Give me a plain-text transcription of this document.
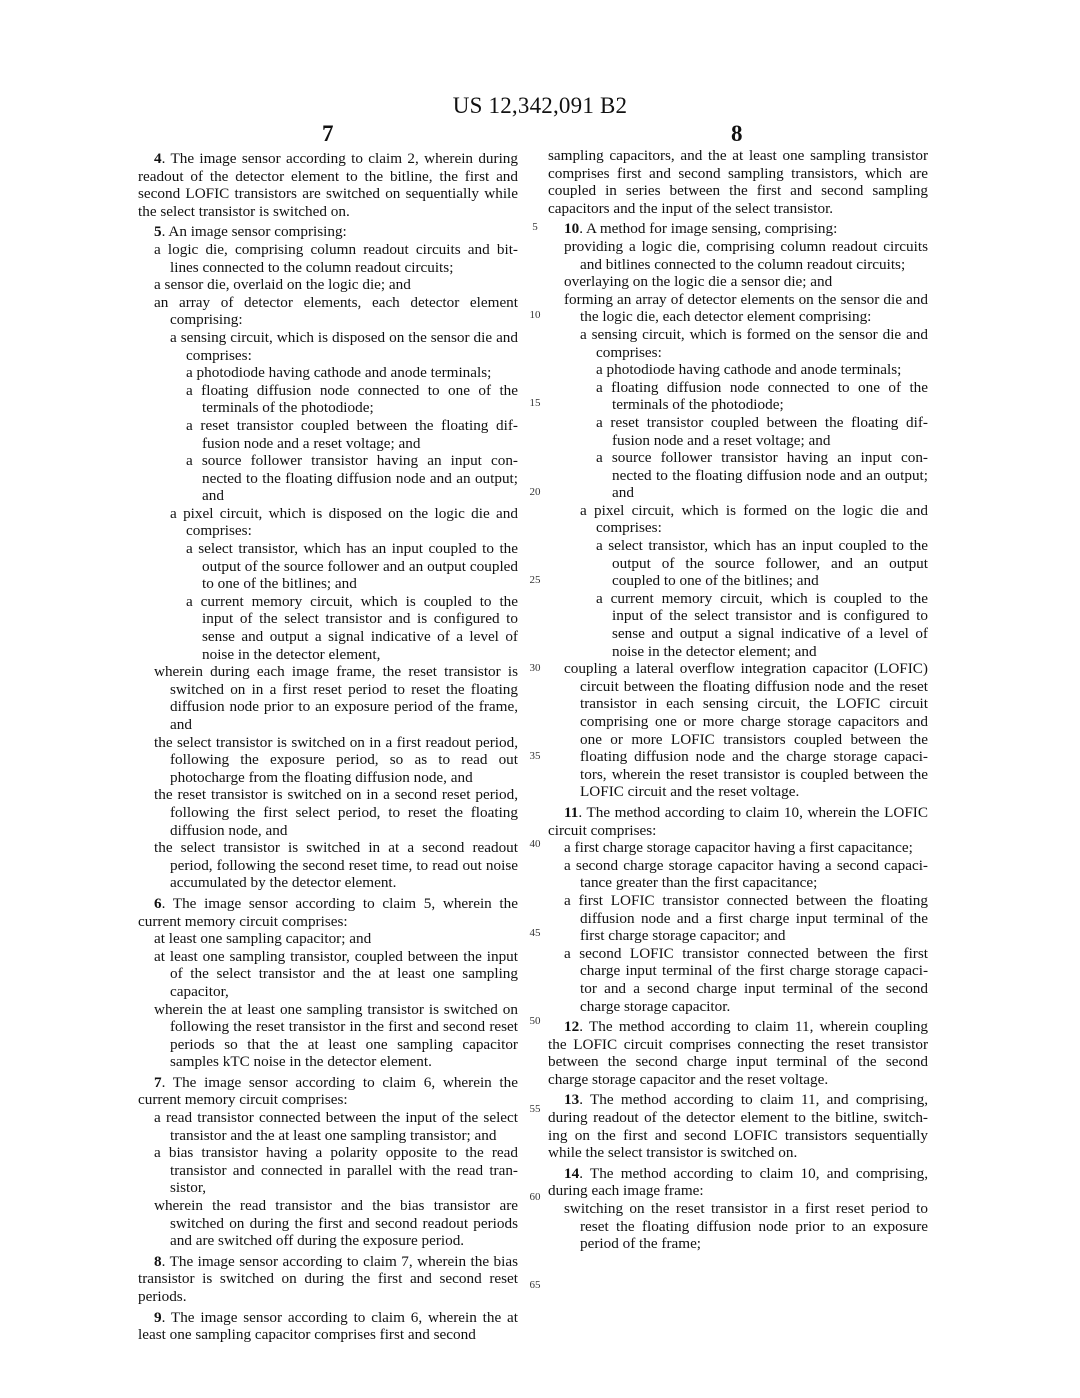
US 12,342,091 B2
7	8

4. The image sensor according to claim 2, wherein during readout of the detector element to the bitline, the first and second LOFIC transistors are switched on sequentially while the select transistor is switched on.

5. An image sensor comprising:

a logic die, comprising column readout circuits and bit-lines connected to the column readout circuits;

a sensor die, overlaid on the logic die; and

an array of detector elements, each detector element comprising:

a sensing circuit, which is disposed on the sensor die and comprises:

a photodiode having cathode and anode terminals;

a floating diffusion node connected to one of the terminals of the photodiode;

a reset transistor coupled between the floating dif-fusion node and a reset voltage; and

a source follower transistor having an input con-nected to the floating diffusion node and an output; and

a pixel circuit, which is disposed on the logic die and comprises:

a select transistor, which has an input coupled to the output of the source follower and an output coupled to one of the bitlines; and

a current memory circuit, which is coupled to the input of the select transistor and is configured to sense and output a signal indicative of a level of noise in the detector element,

wherein during each image frame, the reset transistor is switched on in a first reset period to reset the floating diffusion node prior to an exposure period of the frame, and

the select transistor is switched on in a first readout period, following the exposure period, so as to read out photocharge from the floating diffusion node, and

the reset transistor is switched on in a second reset period, following the first select period, to reset the floating diffusion node, and

the select transistor is switched in at a second readout period, following the second reset time, to read out noise accumulated by the detector element.

6. The image sensor according to claim 5, wherein the current memory circuit comprises:

at least one sampling capacitor; and

at least one sampling transistor, coupled between the input of the select transistor and the at least one sampling capacitor,

wherein the at least one sampling transistor is switched on following the reset transistor in the first and second reset periods so that the at least one sampling capacitor samples kTC noise in the detector element.

7. The image sensor according to claim 6, wherein the current memory circuit comprises:

a read transistor connected between the input of the select transistor and the at least one sampling transistor; and

a bias transistor having a polarity opposite to the read transistor and connected in parallel with the read tran-sistor,

wherein the read transistor and the bias transistor are switched on during the first and second readout periods and are switched off during the exposure period.

8. The image sensor according to claim 7, wherein the bias transistor is switched on during the first and second reset periods.

9. The image sensor according to claim 6, wherein the at least one sampling capacitor comprises first and second

sampling capacitors, and the at least one sampling transistor comprises first and second sampling transistors, which are coupled in series between the first and second sampling capacitors and the input of the select transistor.

10. A method for image sensing, comprising:

providing a logic die, comprising column readout circuits and bitlines connected to the column readout circuits;

overlaying on the logic die a sensor die; and

forming an array of detector elements on the sensor die and the logic die, each detector element comprising:

a sensing circuit, which is formed on the sensor die and comprises:

a photodiode having cathode and anode terminals;

a floating diffusion node connected to one of the terminals of the photodiode;

a reset transistor coupled between the floating dif-fusion node and a reset voltage; and

a source follower transistor having an input con-nected to the floating diffusion node and an output; and

a pixel circuit, which is formed on the logic die and comprises:

a select transistor, which has an input coupled to the output of the source follower, and an output coupled to one of the bitlines; and

a current memory circuit, which is coupled to the input of the select transistor and is configured to sense and output a signal indicative of a level of noise in the detector element; and

coupling a lateral overflow integration capacitor (LOFIC) circuit between the floating diffusion node and the reset transistor in each sensing circuit, the LOFIC circuit comprising one or more charge storage capacitors and one or more LOFIC transistors coupled between the floating diffusion node and the charge storage capaci-tors, wherein the reset transistor is coupled between the LOFIC circuit and the reset voltage.

11. The method according to claim 10, wherein the LOFIC circuit comprises:

a first charge storage capacitor having a first capacitance;

a second charge storage capacitor having a second capaci-tance greater than the first capacitance;

a first LOFIC transistor connected between the floating diffusion node and a first charge input terminal of the first charge storage capacitor; and

a second LOFIC transistor connected between the first charge input terminal of the first charge storage capaci-tor and a second charge input terminal of the second charge storage capacitor.

12. The method according to claim 11, wherein coupling the LOFIC circuit comprises connecting the reset transistor between the second charge input terminal of the second charge storage capacitor and the reset voltage.

13. The method according to claim 11, and comprising, during readout of the detector element to the bitline, switch-ing on the first and second LOFIC transistors sequentially while the select transistor is switched on.

14. The method according to claim 10, and comprising, during each image frame:

switching on the reset transistor in a first reset period to reset the floating diffusion node prior to an exposure period of the frame;

5
10
15
20
25
30
35
40
45
50
55
60
65
